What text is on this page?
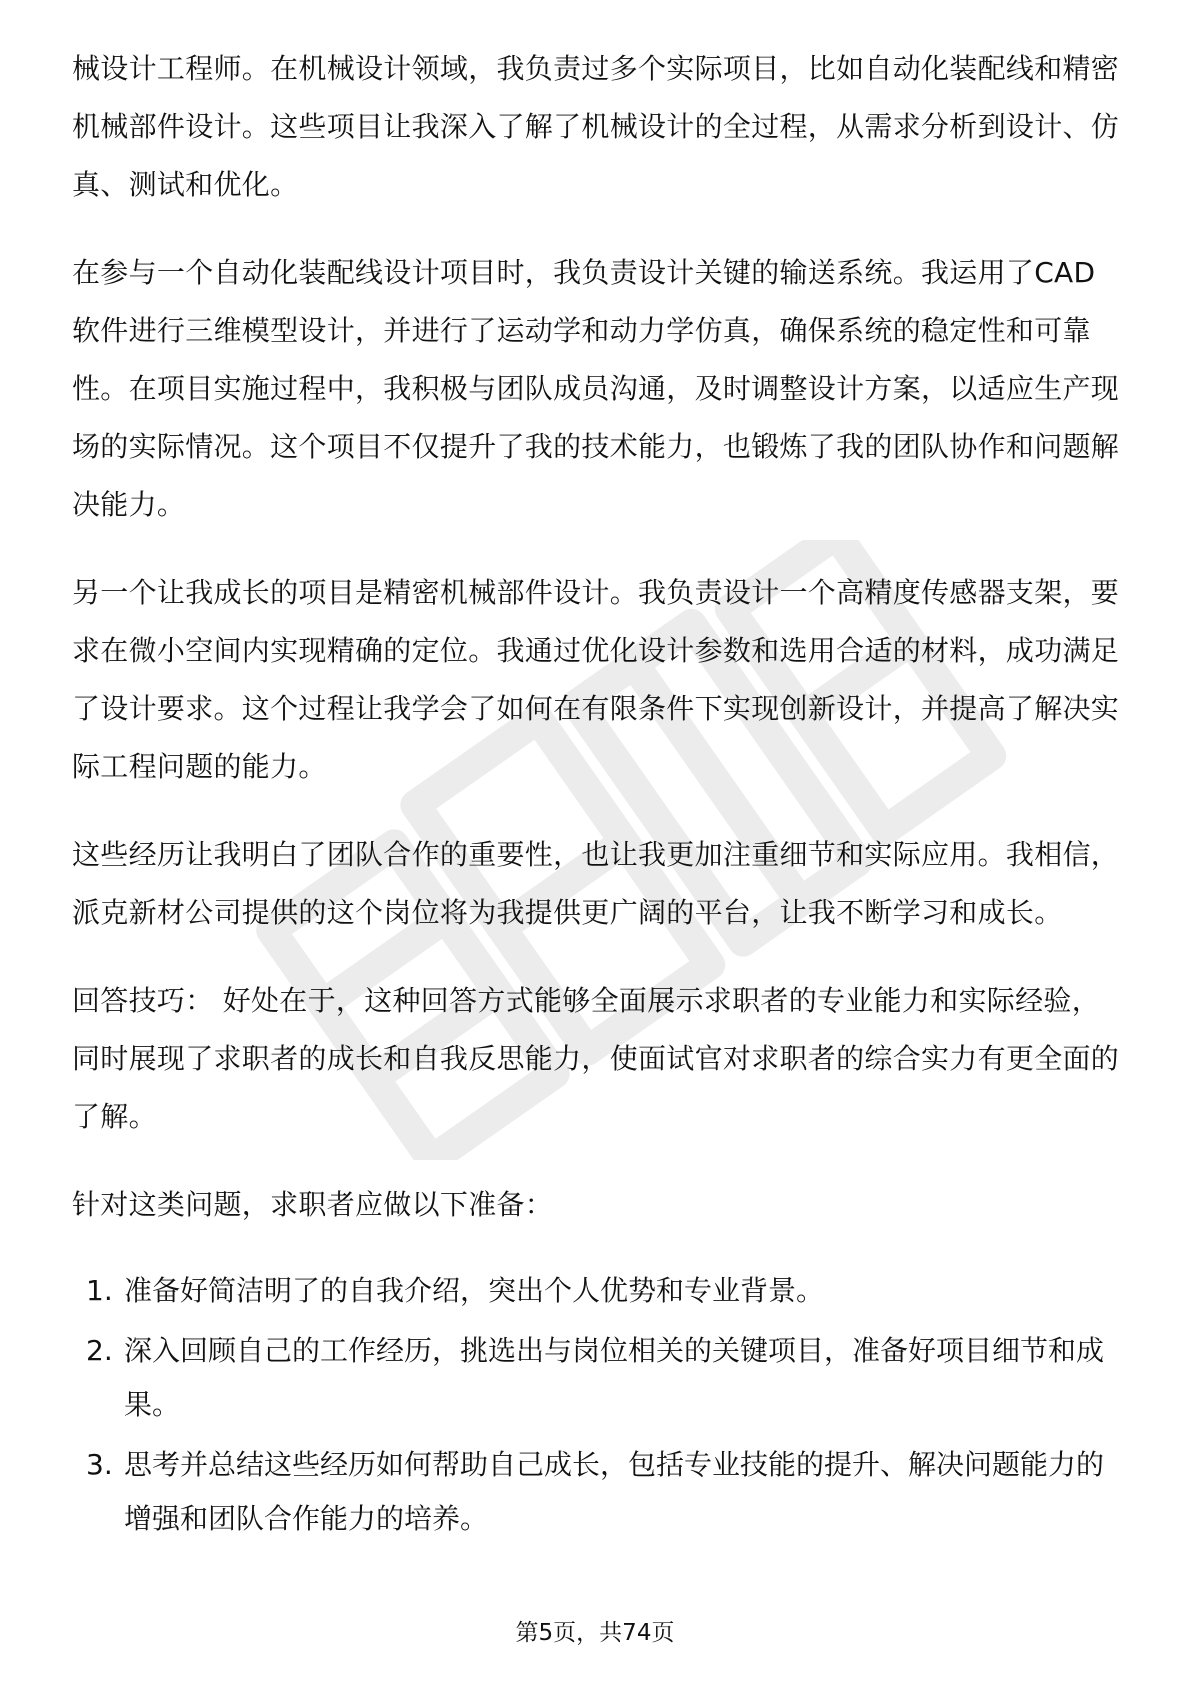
械设计工程师。在机械设计领域，我负责过多个实际项目，比如自动化装配线和精密机械部件设计。这些项目让我深入了解了机械设计的全过程，从需求分析到设计、仿真、测试和优化。

在参与一个自动化装配线设计项目时，我负责设计关键的输送系统。我运用了CAD软件进行三维模型设计，并进行了运动学和动力学仿真，确保系统的稳定性和可靠性。在项目实施过程中，我积极与团队成员沟通，及时调整设计方案，以适应生产现场的实际情况。这个项目不仅提升了我的技术能力，也锻炼了我的团队协作和问题解决能力。

另一个让我成长的项目是精密机械部件设计。我负责设计一个高精度传感器支架，要求在微小空间内实现精确的定位。我通过优化设计参数和选用合适的材料，成功满足了设计要求。这个过程让我学会了如何在有限条件下实现创新设计，并提高了解决实际工程问题的能力。

这些经历让我明白了团队合作的重要性，也让我更加注重细节和实际应用。我相信，派克新材公司提供的这个岗位将为我提供更广阔的平台，让我不断学习和成长。

回答技巧： 好处在于，这种回答方式能够全面展示求职者的专业能力和实际经验，同时展现了求职者的成长和自我反思能力，使面试官对求职者的综合实力有更全面的了解。

针对这类问题，求职者应做以下准备：

1. 准备好简洁明了的自我介绍，突出个人优势和专业背景。
2. 深入回顾自己的工作经历，挑选出与岗位相关的关键项目，准备好项目细节和成果。
3. 思考并总结这些经历如何帮助自己成长，包括专业技能的提升、解决问题能力的增强和团队合作能力的培养。
第5页，共74页
